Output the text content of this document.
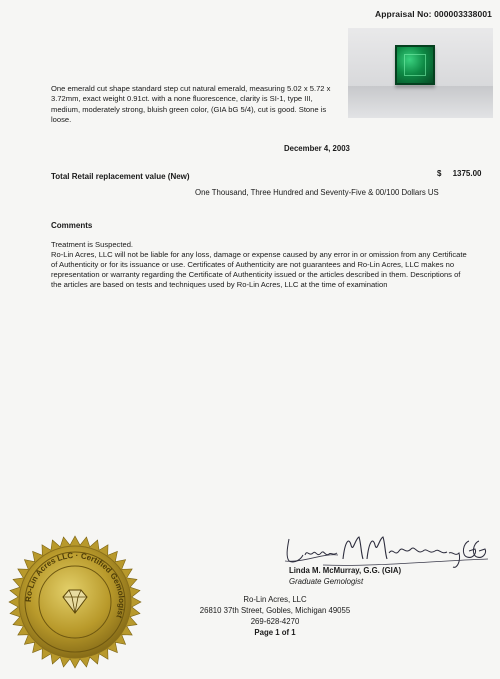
Appraisal No: 000003338001
One emerald cut shape standard step cut natural emerald, measuring 5.02 x 5.72 x 3.72mm, exact weight 0.91ct. with a none fluorescence, clarity is SI-1, type III, medium, moderately strong, bluish green color, (GIA bG 5/4), cut is good. Stone is loose.
December 4, 2003
Total Retail replacement value (New)	$ 1375.00
One Thousand, Three Hundred and Seventy-Five & 00/100 Dollars US
Comments

Treatment is Suspected.

Ro-Lin Acres, LLC will not be liable for any loss, damage or expense caused by any error in or omission from any Certificate of Authenticity or for its issuance or use. Certificates of Authenticity are not guarantees and Ro-Lin Acres, LLC makes no representation or warranty regarding the Certificate of Authenticity issued or the articles described in them. Descriptions of the articles are based on tests and techniques used by Ro-Lin Acres, LLC at the time of examination

Linda M. McMurray, G.G. (GIA)
Graduate Gemologist
Ro-Lin Acres LLC · Certified Gemologist
Ro-Lin Acres, LLC
26810 37th Street, Gobles, Michigan 49055
269-628-4270
Page 1 of 1
